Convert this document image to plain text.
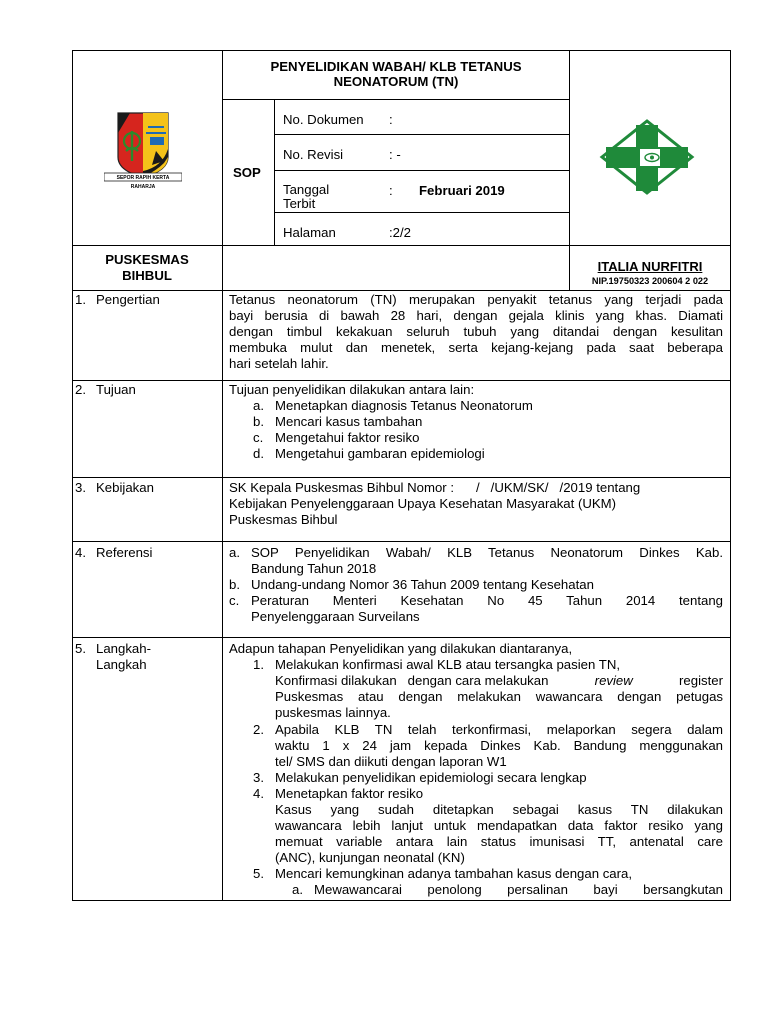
SEPOR RAPIH KERTA RAHARJA
PENYELIDIKAN WABAH/ KLB TETANUS
NEONATORUM (TN)
SOP
No. Dokumen :
No. Revisi	: -
Tanggal
Terbit
: Februari 2019
Halaman	:2/2
PUSKESMAS
BIHBUL
ITALIA NURFITRI
NIP.19750323 200604 2 022
1. Pengertian	Tetanus neonatorum (TN) merupakan penyakit tetanus yang terjadi pada
bayi berusia di bawah 28 hari, dengan gejala klinis yang khas. Diamati
dengan timbul kekakuan seluruh tubuh yang ditandai dengan kesulitan
membuka mulut dan menetek, serta kejang-kejang pada saat beberapa
hari setelah lahir.
2. Tujuan	Tujuan penyelidikan dilakukan antara lain:
a. Menetapkan diagnosis Tetanus Neonatorum
b. Mencari kasus tambahan
c. Mengetahui faktor resiko
d. Mengetahui gambaran epidemiologi
3. Kebijakan	SK Kepala Puskesmas Bihbul Nomor :      /   /UKM/SK/   /2019 tentang
Kebijakan Penyelenggaraan Upaya Kesehatan Masyarakat (UKM)
Puskesmas Bihbul
4. Referensi	a. SOP Penyelidikan Wabah/ KLB Tetanus Neonatorum Dinkes Kab.
Bandung Tahun 2018
b. Undang-undang Nomor 36 Tahun 2009 tentang Kesehatan
c. Peraturan Menteri Kesehatan No 45 Tahun 2014 tentang
Penyelenggaraan Surveilans
5. Langkah-
Langkah
Adapun tahapan Penyelidikan yang dilakukan diantaranya,
1. Melakukan konfirmasi awal KLB atau tersangka pasien TN,
Konfirmasi dilakukan   dengan cara melakukan	review	register
Puskesmas atau dengan melakukan wawancara dengan petugas
puskesmas lainnya.
2. Apabila KLB TN telah terkonfirmasi, melaporkan segera dalam
waktu 1 x 24 jam kepada Dinkes Kab. Bandung menggunakan
tel/ SMS dan diikuti dengan laporan W1
3. Melakukan penyelidikan epidemiologi secara lengkap
4. Menetapkan faktor resiko
Kasus yang sudah ditetapkan sebagai kasus TN dilakukan
wawancara lebih lanjut untuk mendapatkan data faktor resiko yang
memuat variable antara lain status imunisasi TT, antenatal care
(ANC), kunjungan neonatal (KN)
5. Mencari kemungkinan adanya tambahan kasus dengan cara,
a. Mewawancarai penolong persalinan bayi bersangkutan
